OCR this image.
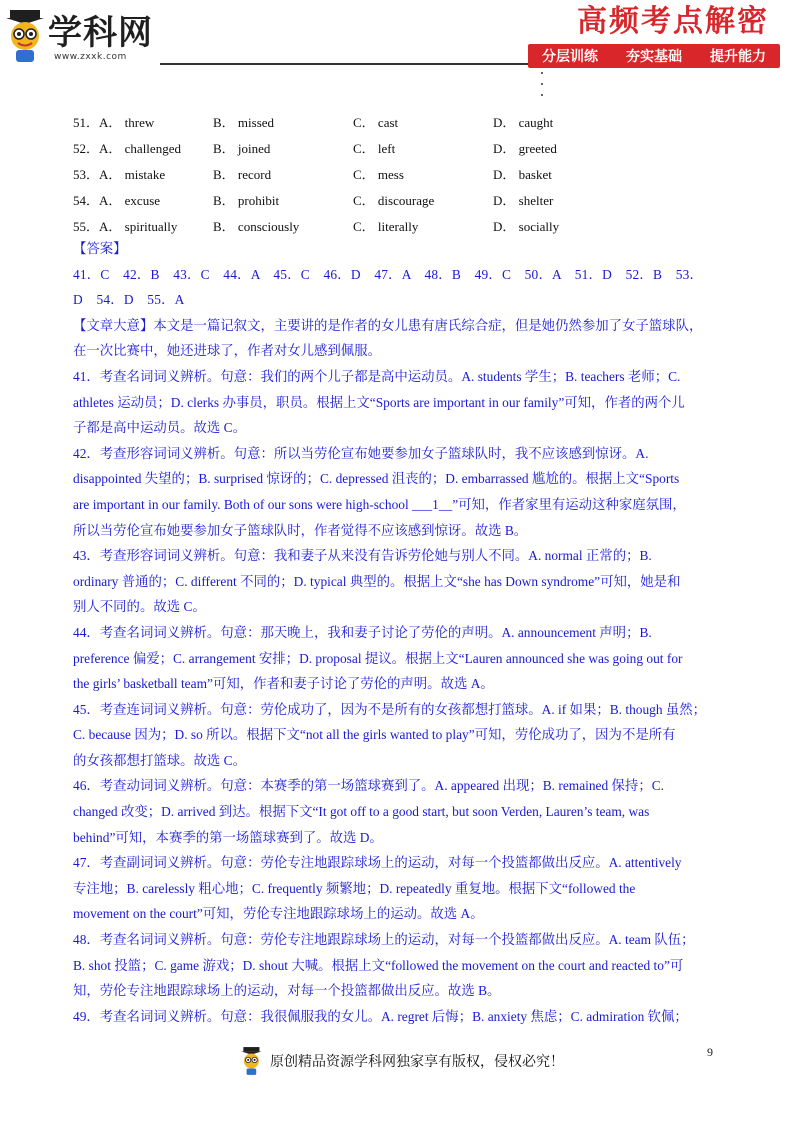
学科网
www.zxxk.com
高频考点解密
分层训练 夯实基础 提升能力
51．A． threw	B． missed	C． cast	D． caught
52．A． challenged	B． joined	C． left	D． greeted
53．A． mistake	B． record	C． mess	D． basket
54．A． excuse	B． prohibit	C． discourage	D． shelter
55．A． spiritually	B． consciously	C． literally	D． socially

【答案】

41．C　42．B　43．C　44．A　45．C　46．D　47．A　48．B　49．C　50．A　51．D　52．B　53．

D　54．D　55．A

【文章大意】本文是一篇记叙文，主要讲的是作者的女儿患有唐氏综合症，但是她仍然参加了女子篮球队，

在一次比赛中，她还进球了，作者对女儿感到佩服。

41．考查名词词义辨析。句意：我们的两个儿子都是高中运动员。A. students 学生；B. teachers 老师；C.

athletes 运动员；D. clerks 办事员，职员。根据上文“Sports are important in our family”可知，作者的两个儿

子都是高中运动员。故选 C。

42．考查形容词词义辨析。句意：所以当劳伦宣布她要参加女子篮球队时，我不应该感到惊讶。A.

disappointed 失望的；B. surprised 惊讶的；C. depressed 沮丧的；D. embarrassed 尴尬的。根据上文“Sports

are important in our family. Both of our sons were high-school ___1__”可知，作者家里有运动这种家庭氛围，

所以当劳伦宣布她要参加女子篮球队时，作者觉得不应该感到惊讶。故选 B。

43．考查形容词词义辨析。句意：我和妻子从来没有告诉劳伦她与别人不同。A. normal 正常的；B.

ordinary 普通的；C. different 不同的；D. typical 典型的。根据上文“she has Down syndrome”可知，她是和

别人不同的。故选 C。

44．考查名词词义辨析。句意：那天晚上，我和妻子讨论了劳伦的声明。A. announcement 声明；B.

preference 偏爱；C. arrangement 安排；D. proposal 提议。根据上文“Lauren announced she was going out for

the girls’ basketball team”可知，作者和妻子讨论了劳伦的声明。故选 A。

45．考查连词词义辨析。句意：劳伦成功了，因为不是所有的女孩都想打篮球。A. if 如果；B. though 虽然；

C. because 因为；D. so 所以。根据下文“not all the girls wanted to play”可知，劳伦成功了，因为不是所有

的女孩都想打篮球。故选 C。

46．考查动词词义辨析。句意：本赛季的第一场篮球赛到了。A. appeared 出现；B. remained 保持；C.

changed 改变；D. arrived 到达。根据下文“It got off to a good start, but soon Verden, Lauren’s team, was

behind”可知，本赛季的第一场篮球赛到了。故选 D。

47．考查副词词义辨析。句意：劳伦专注地跟踪球场上的运动，对每一个投篮都做出反应。A. attentively

专注地；B. carelessly 粗心地；C. frequently 频繁地；D. repeatedly 重复地。根据下文“followed the

movement on the court”可知，劳伦专注地跟踪球场上的运动。故选 A。

48．考查名词词义辨析。句意：劳伦专注地跟踪球场上的运动，对每一个投篮都做出反应。A. team 队伍；

B. shot 投篮；C. game 游戏；D. shout 大喊。根据上文“followed the movement on the court and reacted to”可

知，劳伦专注地跟踪球场上的运动，对每一个投篮都做出反应。故选 B。

49．考查名词词义辨析。句意：我很佩服我的女儿。A. regret 后悔；B. anxiety 焦虑；C. admiration 钦佩；

9
原创精品资源学科网独家享有版权，侵权必究！
